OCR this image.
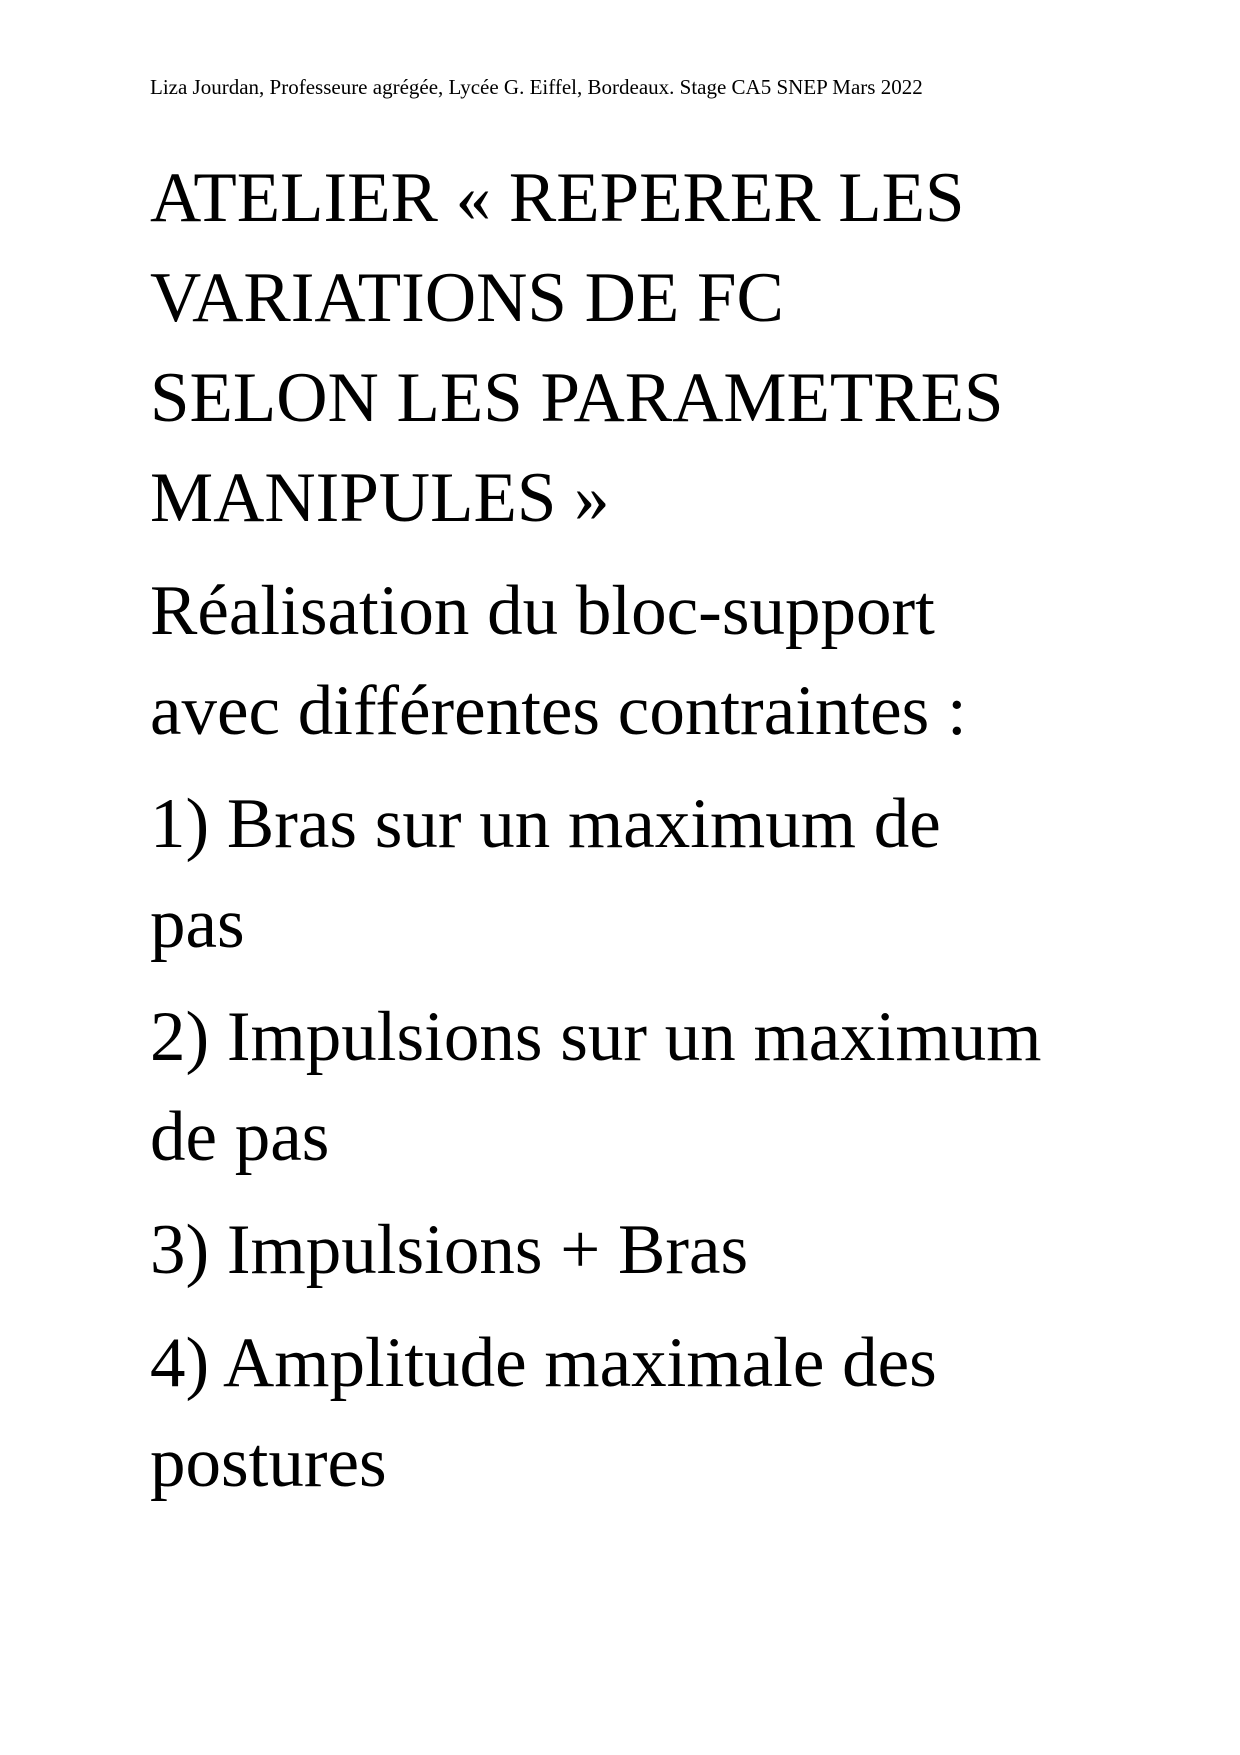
Liza Jourdan, Professeure agrégée, Lycée G. Eiffel, Bordeaux. Stage CA5 SNEP Mars 2022
ATELIER « REPERER LES
VARIATIONS DE FC
SELON LES PARAMETRES
MANIPULES »
Réalisation du bloc-support
avec différentes contraintes :
1) Bras sur un maximum de
pas
2) Impulsions sur un maximum
de pas
3) Impulsions + Bras
4) Amplitude maximale des
postures
